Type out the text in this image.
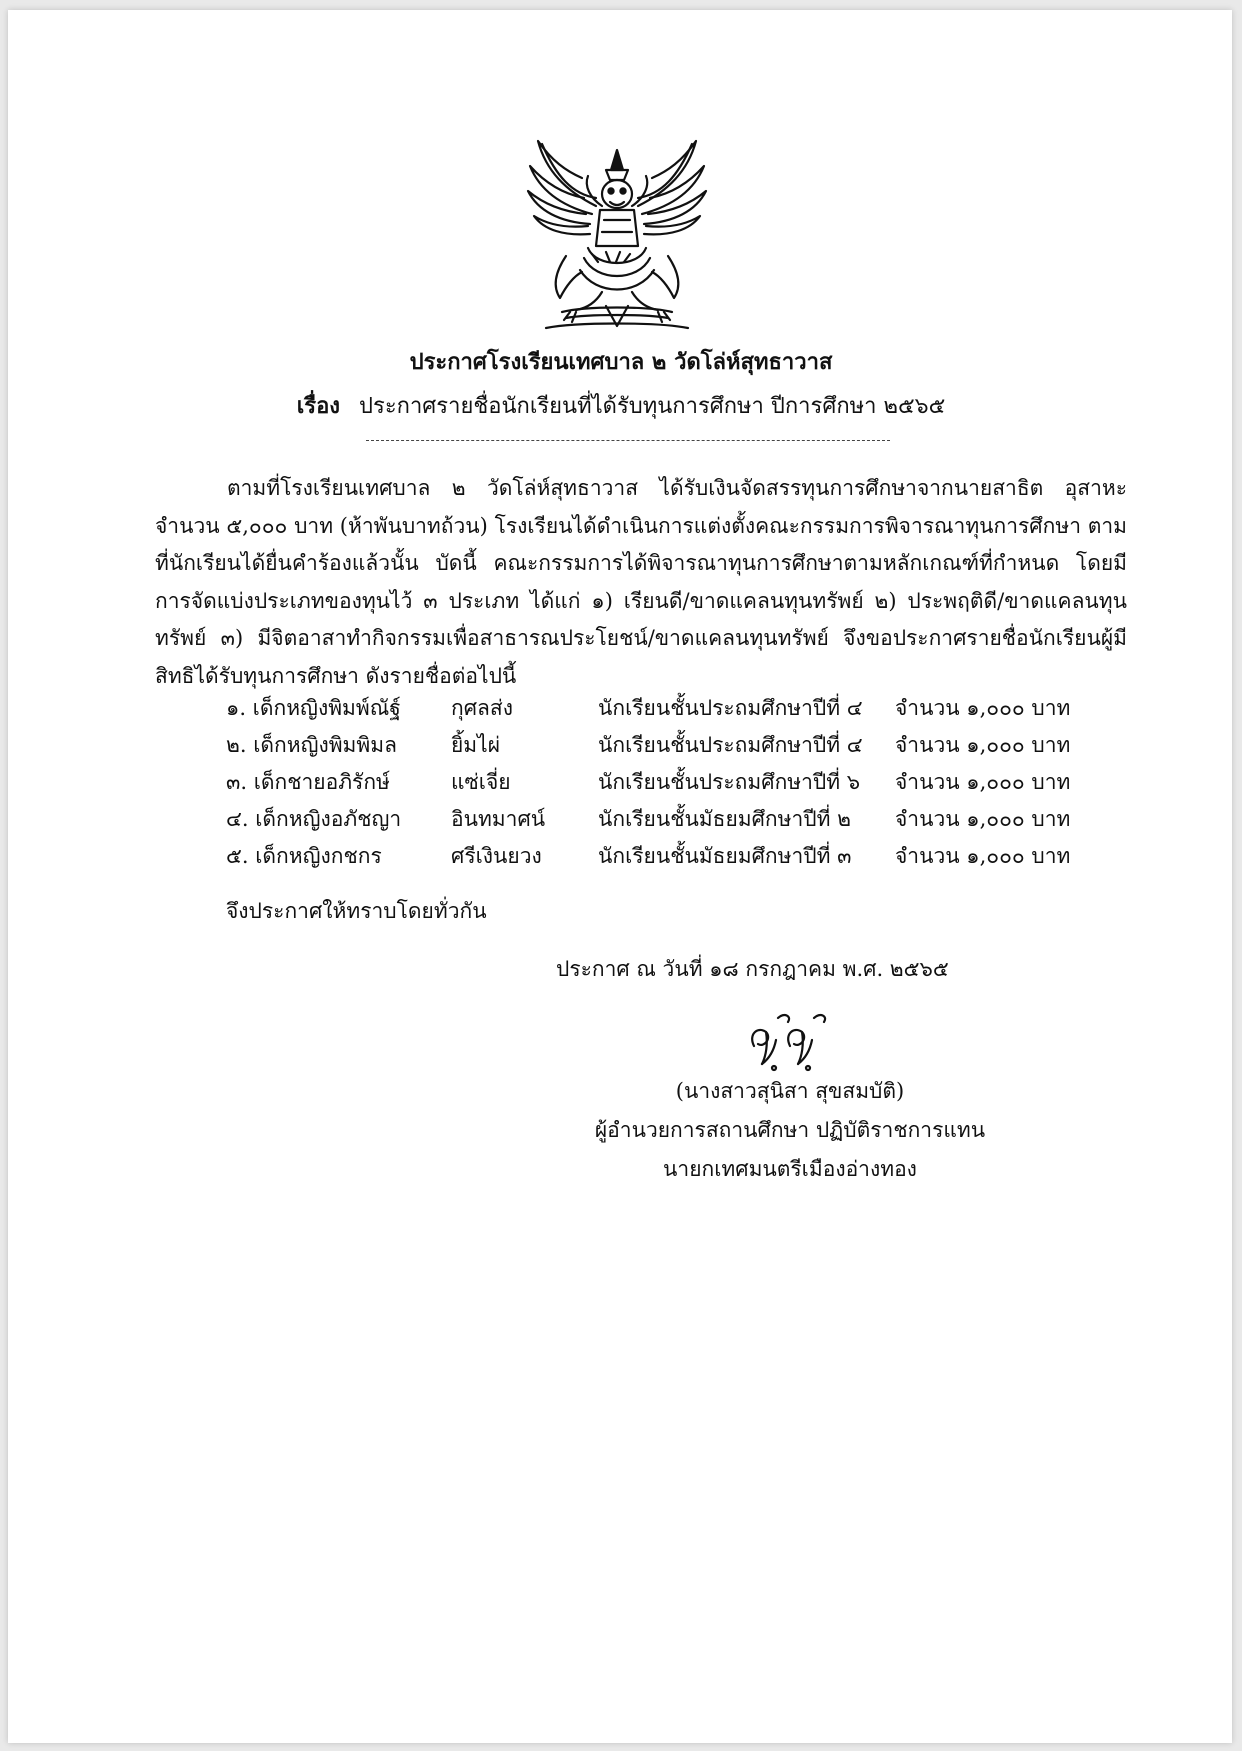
ประกาศโรงเรียนเทศบาล ๒ วัดโล่ห์สุทธาวาส
เรื่อง ประกาศรายชื่อนักเรียนที่ได้รับทุนการศึกษา ปีการศึกษา ๒๕๖๕
ตามที่โรงเรียนเทศบาล ๒ วัดโล่ห์สุทธาวาส ได้รับเงินจัดสรรทุนการศึกษาจากนายสาธิต อุสาหะ จำนวน ๕,๐๐๐ บาท (ห้าพันบาทถ้วน) โรงเรียนได้ดำเนินการแต่งตั้งคณะกรรมการพิจารณาทุนการศึกษา ตามที่นักเรียนได้ยื่นคำร้องแล้วนั้น บัดนี้ คณะกรรมการได้พิจารณาทุนการศึกษาตามหลักเกณฑ์ที่กำหนด โดยมีการจัดแบ่งประเภทของทุนไว้ ๓ ประเภท ได้แก่ ๑) เรียนดี/ขาดแคลนทุนทรัพย์ ๒) ประพฤติดี/ขาดแคลนทุนทรัพย์ ๓) มีจิตอาสาทำกิจกรรมเพื่อสาธารณประโยชน์/ขาดแคลนทุนทรัพย์ จึงขอประกาศรายชื่อนักเรียนผู้มีสิทธิได้รับทุนการศึกษา ดังรายชื่อต่อไปนี้
๑. เด็กหญิงพิมพ์ณัฐ์ กุศลส่ง	นักเรียนชั้นประถมศึกษาปีที่ ๔ จำนวน ๑,๐๐๐ บาท
๒. เด็กหญิงพิมพิมล	ยิ้มไผ่	นักเรียนชั้นประถมศึกษาปีที่ ๔ จำนวน ๑,๐๐๐ บาท
๓. เด็กชายอภิรักษ์	แซ่เจี่ย	นักเรียนชั้นประถมศึกษาปีที่ ๖ จำนวน ๑,๐๐๐ บาท
๔. เด็กหญิงอภัชญา อินทมาศน์	นักเรียนชั้นมัธยมศึกษาปีที่ ๒ จำนวน ๑,๐๐๐ บาท
๕. เด็กหญิงกชกร	ศรีเงินยวง	นักเรียนชั้นมัธยมศึกษาปีที่ ๓ จำนวน ๑,๐๐๐ บาท
จึงประกาศให้ทราบโดยทั่วกัน
ประกาศ ณ วันที่ ๑๘ กรกฎาคม พ.ศ. ๒๕๖๕
(นางสาวสุนิสา สุขสมบัติ)
ผู้อำนวยการสถานศึกษา ปฏิบัติราชการแทน
นายกเทศมนตรีเมืองอ่างทอง
